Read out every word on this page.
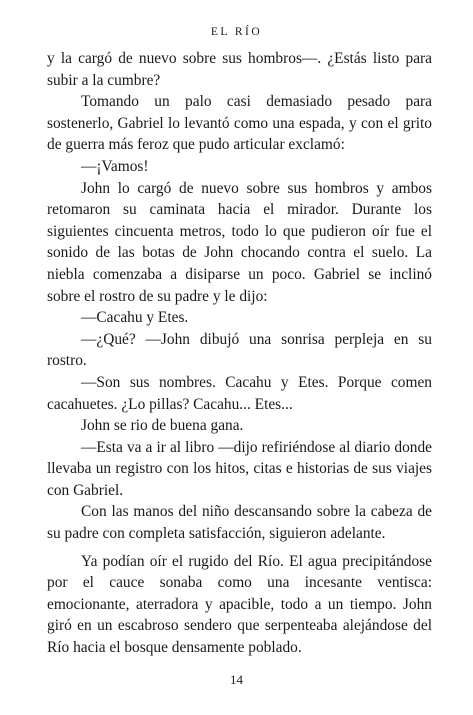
EL RÍO

y la cargó de nuevo sobre sus hombros—. ¿Estás listo para subir a la cumbre?

Tomando un palo casi demasiado pesado para sostenerlo, Gabriel lo levantó como una espada, y con el grito de guerra más feroz que pudo articular exclamó:

—¡Vamos!

John lo cargó de nuevo sobre sus hombros y ambos retomaron su caminata hacia el mirador. Durante los siguientes cincuenta metros, todo lo que pudieron oír fue el sonido de las botas de John chocando contra el suelo. La niebla comenzaba a disiparse un poco. Gabriel se inclinó sobre el rostro de su padre y le dijo:

—Cacahu y Etes.

—¿Qué? —John dibujó una sonrisa perpleja en su rostro.

—Son sus nombres. Cacahu y Etes. Porque comen cacahuetes. ¿Lo pillas? Cacahu... Etes...

John se rio de buena gana.

—Esta va a ir al libro —dijo refiriéndose al diario donde llevaba un registro con los hitos, citas e historias de sus viajes con Gabriel.

Con las manos del niño descansando sobre la cabeza de su padre con completa satisfacción, siguieron adelante.

Ya podían oír el rugido del Río. El agua precipitándose por el cauce sonaba como una incesante ventisca: emocionante, aterradora y apacible, todo a un tiempo. John giró en un escabroso sendero que serpenteaba alejándose del Río hacia el bosque densamente poblado.

14
